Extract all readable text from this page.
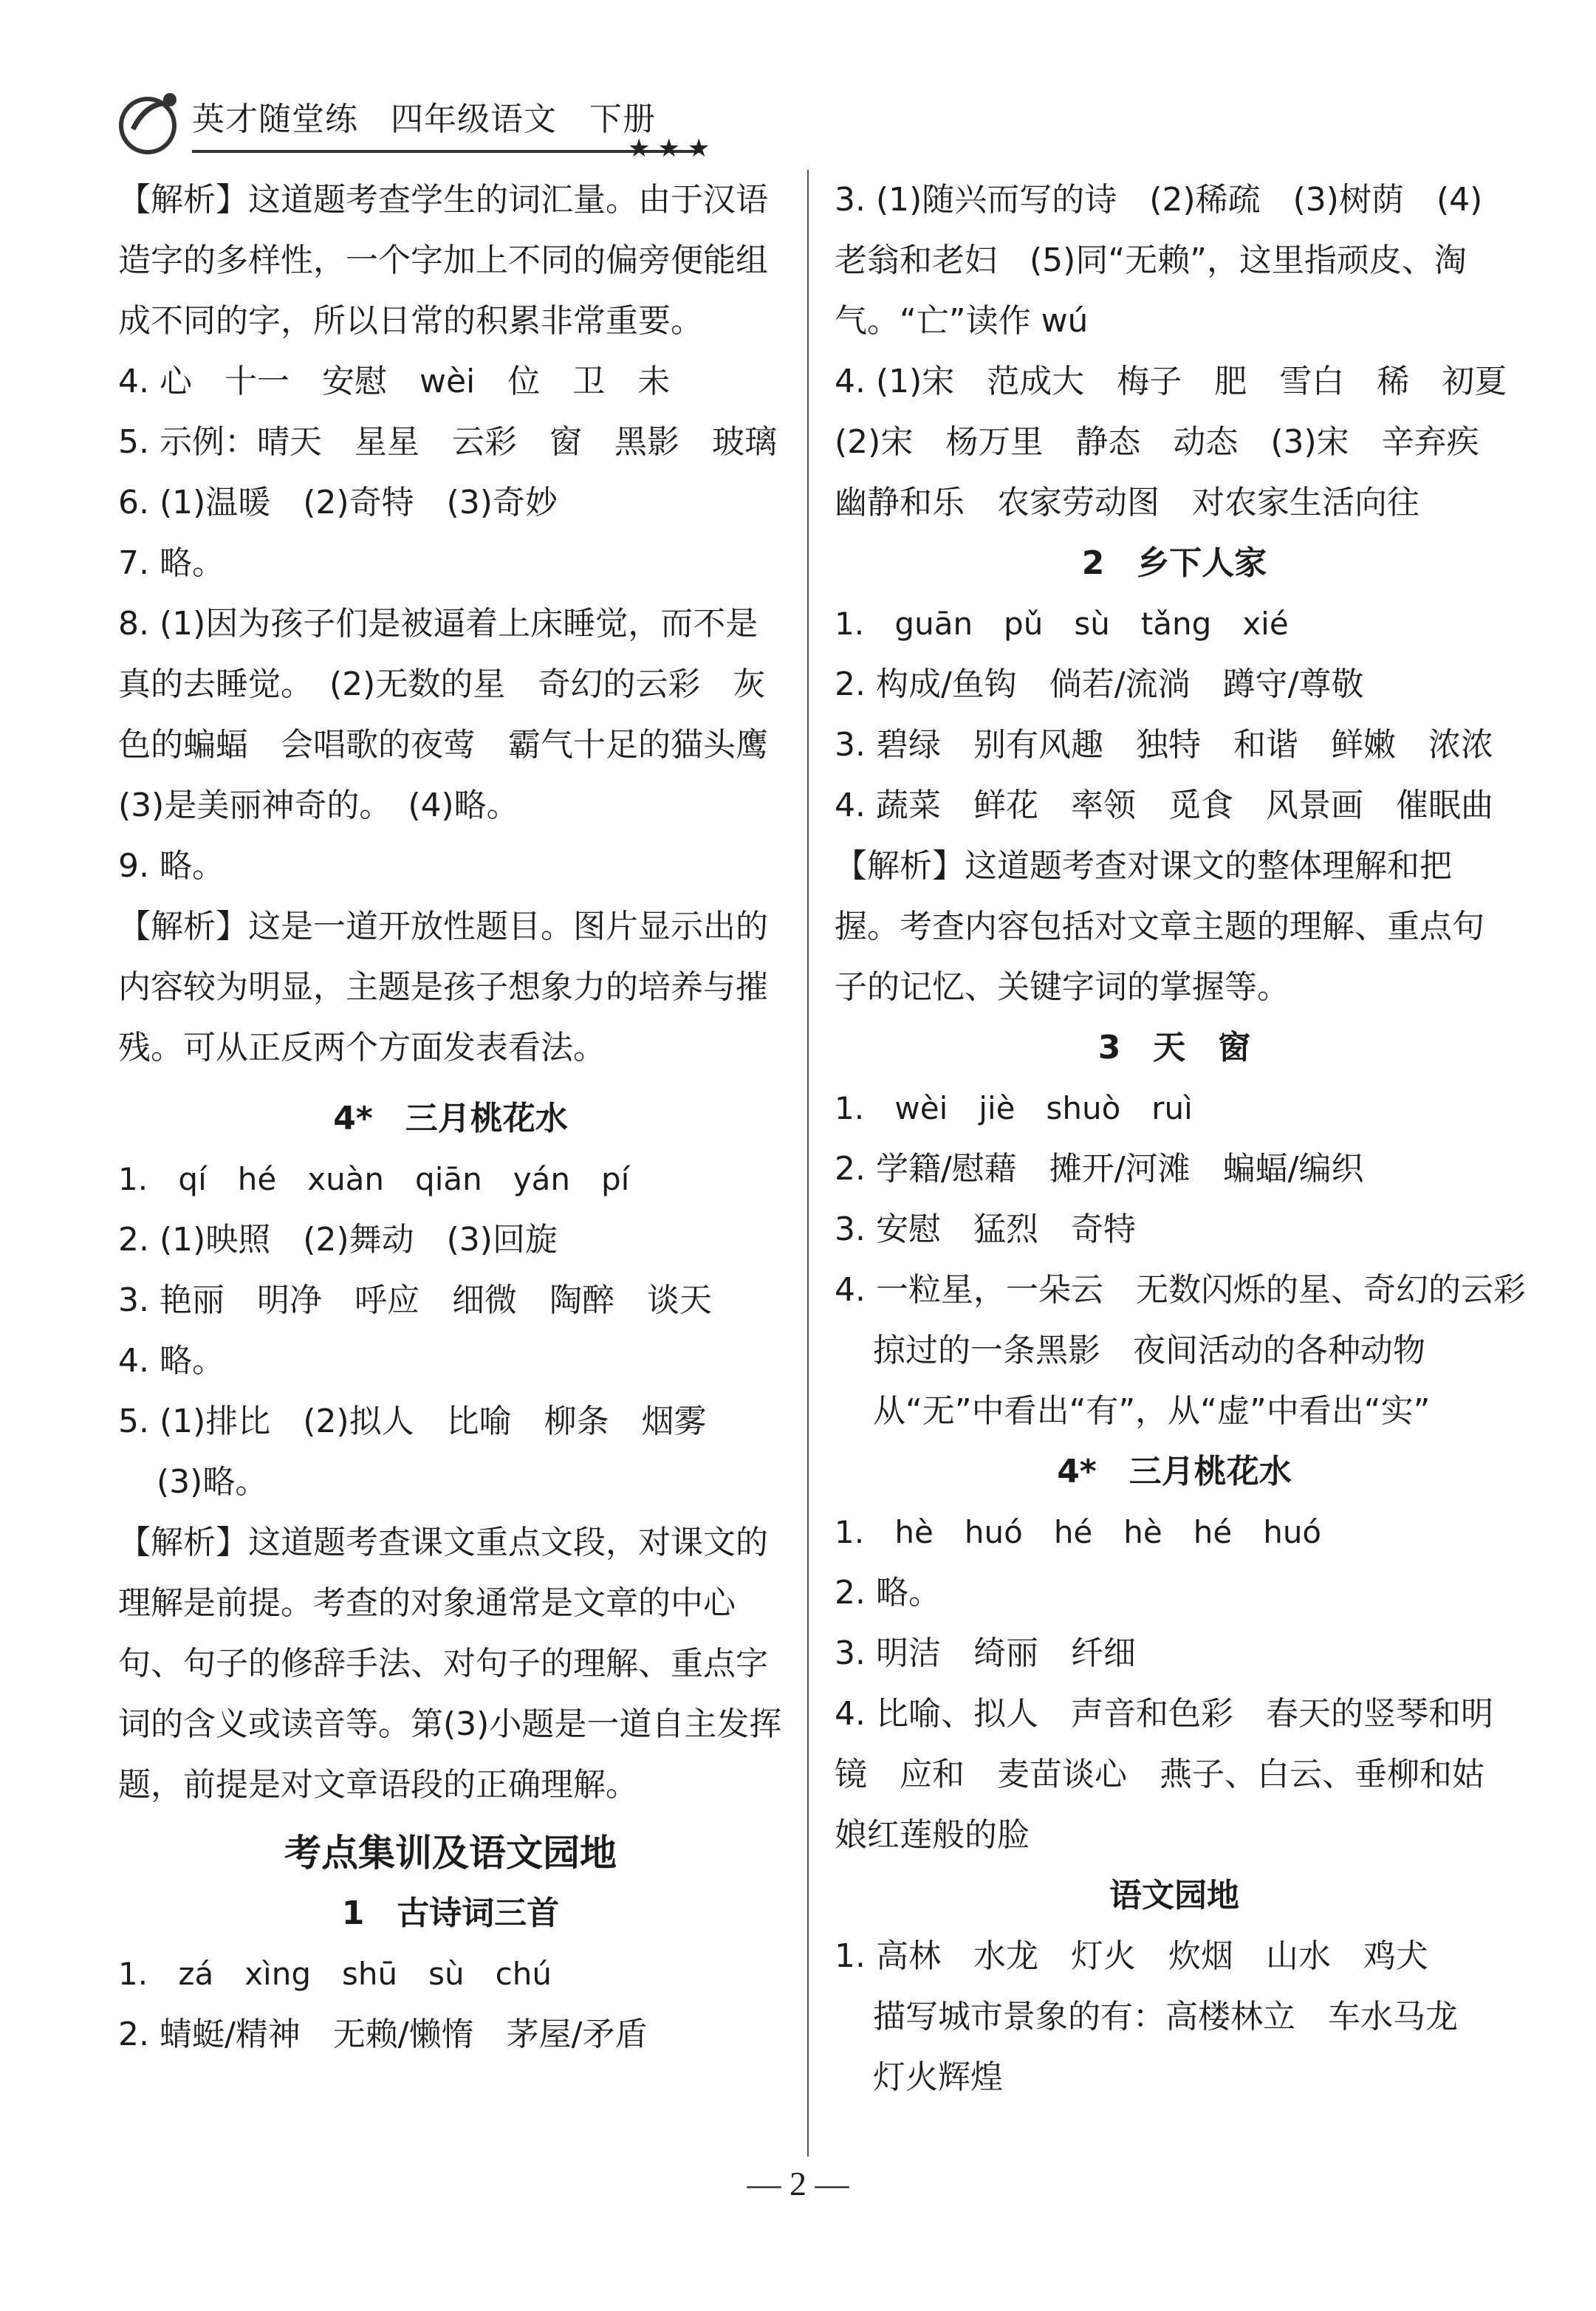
英才随堂练 四年级语文 下册
★★★
【解析】这道题考查学生的词汇量。由于汉语造字的多样性，一个字加上不同的偏旁便能组成不同的字，所以日常的积累非常重要。
4. 心　十一　安慰　wèi　位　卫　未
5. 示例：晴天　星星　云彩　窗　黑影　玻璃
6. (1)温暖　(2)奇特　(3)奇妙
7. 略。
8. (1)因为孩子们是被逼着上床睡觉，而不是真的去睡觉。　(2)无数的星　奇幻的云彩　灰色的蝙蝠　会唱歌的夜莺　霸气十足的猫头鹰　(3)是美丽神奇的。　(4)略。
9. 略。
【解析】这是一道开放性题目。图片显示出的内容较为明显，主题是孩子想象力的培养与摧残。可从正反两个方面发表看法。
4*　三月桃花水
1. qí　hé　xuàn　qiān　yán　pí
2. (1)映照　(2)舞动　(3)回旋
3. 艳丽　明净　呼应　细微　陶醉　谈天
4. 略。
5. (1)排比　(2)拟人　比喻　柳条　烟雾
(3)略。
【解析】这道题考查课文重点文段，对课文的理解是前提。考查的对象通常是文章的中心句、句子的修辞手法、对句子的理解、重点字词的含义或读音等。第(3)小题是一道自主发挥题，前提是对文章语段的正确理解。
考点集训及语文园地
1　古诗词三首
1. zá　xìng　shū　sù　chú
2. 蜻蜓/精神　无赖/懒惰　茅屋/矛盾
3. (1)随兴而写的诗　(2)稀疏　(3)树荫　(4)老翁和老妇　(5)同“无赖”，这里指顽皮、淘气。“亡”读作 wú
4. (1)宋　范成大　梅子　肥　雪白　稀　初夏　(2)宋　杨万里　静态　动态　(3)宋　辛弃疾　幽静和乐　农家劳动图　对农家生活向往
2　乡下人家
1. guān　pǔ　sù　tǎng　xié
2. 构成/鱼钩　倘若/流淌　蹲守/尊敬
3. 碧绿　别有风趣　独特　和谐　鲜嫩　浓浓
4. 蔬菜　鲜花　率领　觅食　风景画　催眠曲
【解析】这道题考查对课文的整体理解和把握。考查内容包括对文章主题的理解、重点句子的记忆、关键字词的掌握等。
3　天　窗
1. wèi　jiè　shuò　ruì
2. 学籍/慰藉　摊开/河滩　蝙蝠/编织
3. 安慰　猛烈　奇特
4. 一粒星，一朵云　无数闪烁的星、奇幻的云彩
掠过的一条黑影　夜间活动的各种动物
从“无”中看出“有”，从“虚”中看出“实”
4*　三月桃花水
1. hè　huó　hé　hè　hé　huó
2. 略。
3. 明洁　绮丽　纤细
4. 比喻、拟人　声音和色彩　春天的竖琴和明镜　应和　麦苗谈心　燕子、白云、垂柳和姑娘红莲般的脸
语文园地
1. 高林　水龙　灯火　炊烟　山水　鸡犬
描写城市景象的有：高楼林立　车水马龙
灯火辉煌
— 2 —
